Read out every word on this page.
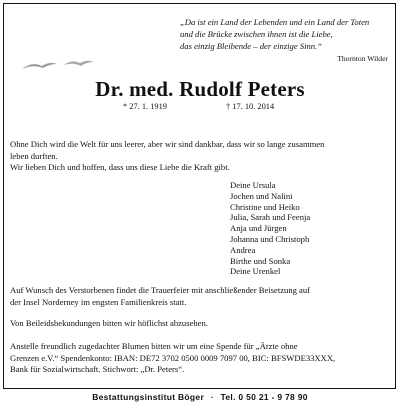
„Da ist ein Land der Lebenden und ein Land der Toten
und die Brücke zwischen ihnen ist die Liebe,
das einzig Bleibende – der einzige Sinn.“
Thornton Wilder
Dr. med. Rudolf Peters
* 27. 1. 1919	† 17. 10. 2014
Ohne Dich wird die Welt für uns leerer, aber wir sind dankbar, dass wir so lange zusammen
leben durften.
Wir lieben Dich und hoffen, dass uns diese Liebe die Kraft gibt.
Deine Ursula
Jochen und Nalini
Christine und Heiko
Julia, Sarah und Feenja
Anja und Jürgen
Johanna und Christoph
Andrea
Birthe und Sonka
Deine Urenkel
Auf Wunsch des Verstorbenen findet die Trauerfeier mit anschließender Beisetzung auf
der Insel Norderney im engsten Familienkreis statt.
Von Beileidsbekundungen bitten wir höflichst abzusehen.
Anstelle freundlich zugedachter Blumen bitten wir um eine Spende für „Ärzte ohne
Grenzen e.V.“ Spendenkonto: IBAN: DE72 3702 0500 0009 7097 00, BIC: BFSWDE33XXX,
Bank für Sozialwirtschaft. Stichwort: „Dr. Peters“.
Bestattungsinstitut Böger · Tel. 0 50 21 - 9 78 90
